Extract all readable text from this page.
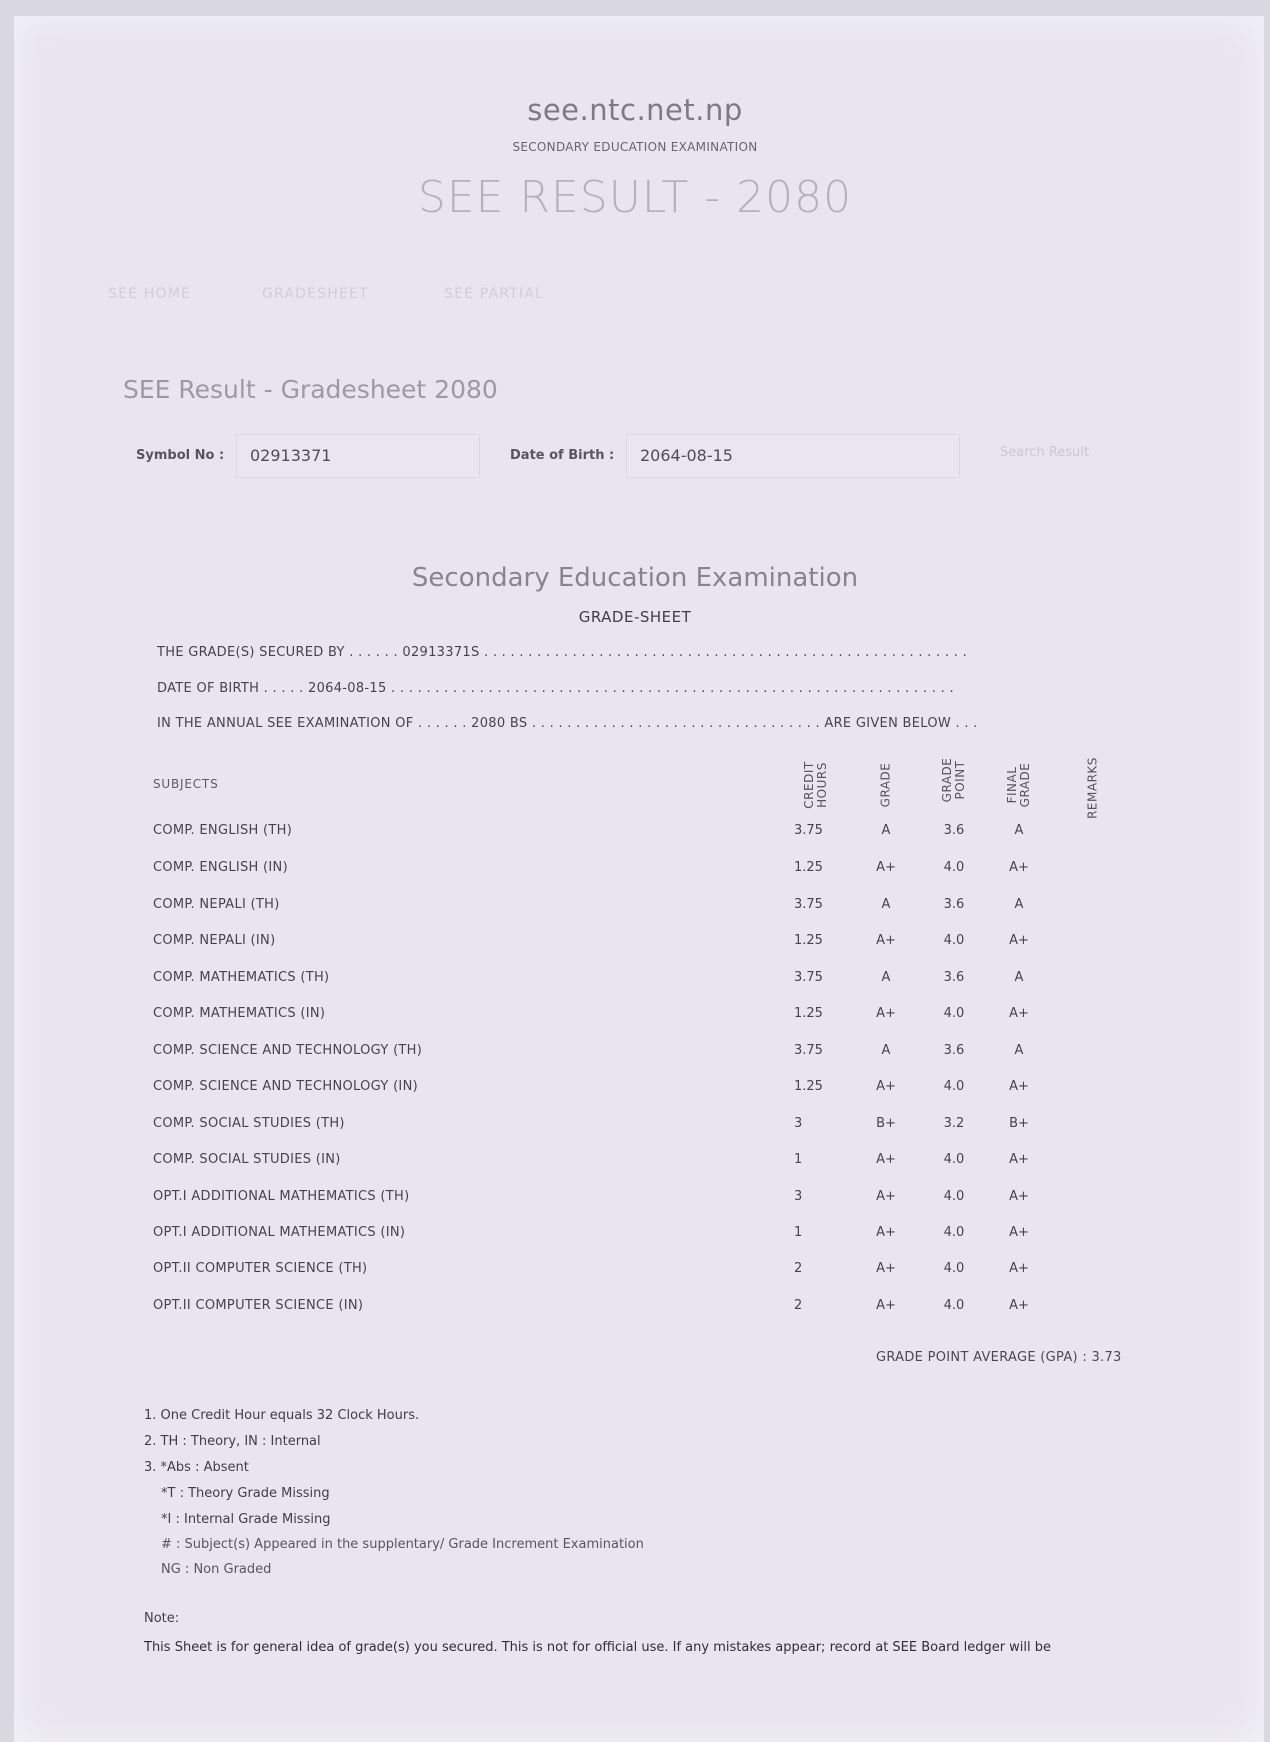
see.ntc.net.np
SECONDARY EDUCATION EXAMINATION
SEE RESULT - 2080
SEE HOME	GRADESHEET	SEE PARTIAL
SEE Result - Gradesheet 2080
Symbol No :	02913371	Date of Birth :	2064-08-15	Search Result
Secondary Education Examination
GRADE-SHEET
THE GRADE(S) SECURED BY . . . . . . 02913371S . . . . . . . . . . . . . . . . . . . . . . . . . . . . . . . . . . . . . . . . . . . . . . . . . . . . . . .
DATE OF BIRTH . . . . . 2064-08-15 . . . . . . . . . . . . . . . . . . . . . . . . . . . . . . . . . . . . . . . . . . . . . . . . . . . . . . . . . . . . . . . .
IN THE ANNUAL SEE EXAMINATION OF . . . . . . 2080 BS . . . . . . . . . . . . . . . . . . . . . . . . . . . . . . . . . ARE GIVEN BELOW . . .
SUBJECTS	CREDIT HOURS	GRADE	GRADE POINT	FINAL GRADE	REMARKS
COMP. ENGLISH (TH)	3.75	A	3.6	A
COMP. ENGLISH (IN)	1.25	A+	4.0	A+
COMP. NEPALI (TH)	3.75	A	3.6	A
COMP. NEPALI (IN)	1.25	A+	4.0	A+
COMP. MATHEMATICS (TH)	3.75	A	3.6	A
COMP. MATHEMATICS (IN)	1.25	A+	4.0	A+
COMP. SCIENCE AND TECHNOLOGY (TH)	3.75	A	3.6	A
COMP. SCIENCE AND TECHNOLOGY (IN)	1.25	A+	4.0	A+
COMP. SOCIAL STUDIES (TH)	3	B+	3.2	B+
COMP. SOCIAL STUDIES (IN)	1	A+	4.0	A+
OPT.I ADDITIONAL MATHEMATICS (TH)	3	A+	4.0	A+
OPT.I ADDITIONAL MATHEMATICS (IN)	1	A+	4.0	A+
OPT.II COMPUTER SCIENCE (TH)	2	A+	4.0	A+
OPT.II COMPUTER SCIENCE (IN)	2	A+	4.0	A+
GRADE POINT AVERAGE (GPA) : 3.73
1. One Credit Hour equals 32 Clock Hours.
2. TH : Theory, IN : Internal
3. *Abs : Absent
*T : Theory Grade Missing
*I : Internal Grade Missing
# : Subject(s) Appeared in the supplentary/ Grade Increment Examination
NG : Non Graded
Note:
This Sheet is for general idea of grade(s) you secured. This is not for official use. If any mistakes appear; record at SEE Board ledger will be
